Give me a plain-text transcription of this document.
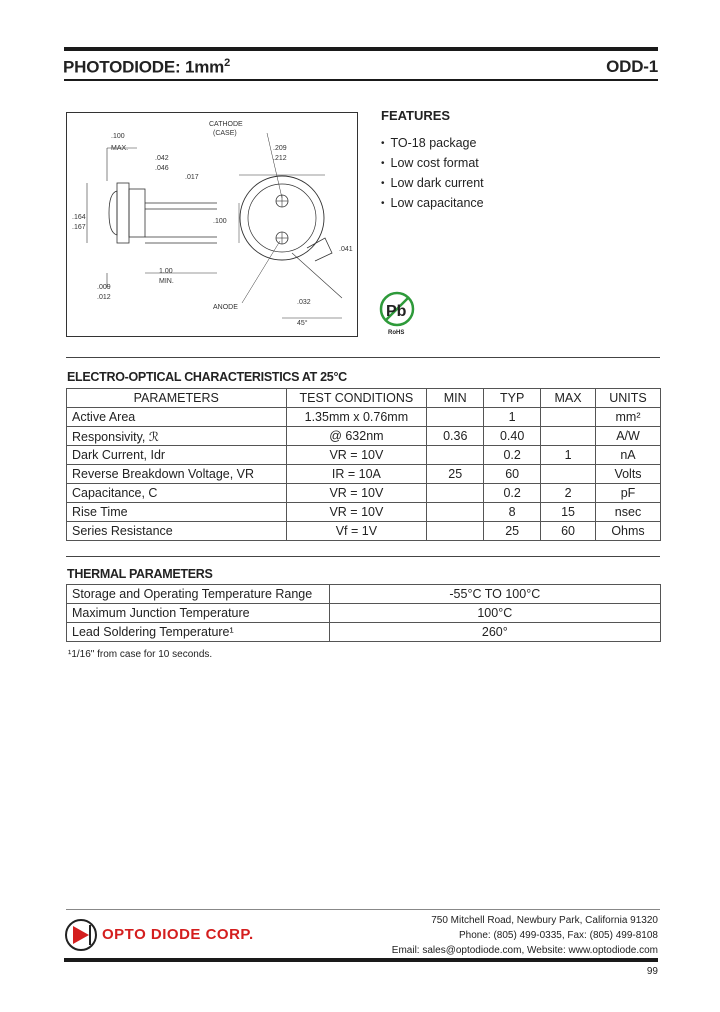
PHOTODIODE: $1mm^2$	ODD-1
CATHODE
(CASE)
.100
MAX.
.042
.046
.017
.209
.212
.164
.167
.100
.041
1.00
MIN.
.009
.012
ANODE
.032
45°
FEATURES
• TO-18 package
• Low cost format
• Low dark current
• Low capacitance
Pb
RoHS
ELECTRO-OPTICAL CHARACTERISTICS AT 25°C
PARAMETERS	TEST CONDITIONS	MIN	TYP	MAX	UNITS
Active Area	1.35mm x 0.76mm		1		mm²
Responsivity, ℛ	@ 632nm	0.36	0.40		A/W
Dark Current, Idr	VR = 10V		0.2	1	nA
Reverse Breakdown Voltage, VR	IR = 10A	25	60		Volts
Capacitance, C	VR = 10V		0.2	2	pF
Rise Time	VR = 10V		8	15	nsec
Series Resistance	Vf = 1V		25	60	Ohms
THERMAL PARAMETERS
Storage and Operating Temperature Range	-55°C TO 100°C
Maximum Junction Temperature	100°C
Lead Soldering Temperature¹	260°
¹1/16" from case for 10 seconds.
OPTO DIODE CORP.
750 Mitchell Road, Newbury Park, California 91320
Phone: (805) 499-0335, Fax: (805) 499-8108
Email: sales@optodiode.com, Website: www.optodiode.com
99
